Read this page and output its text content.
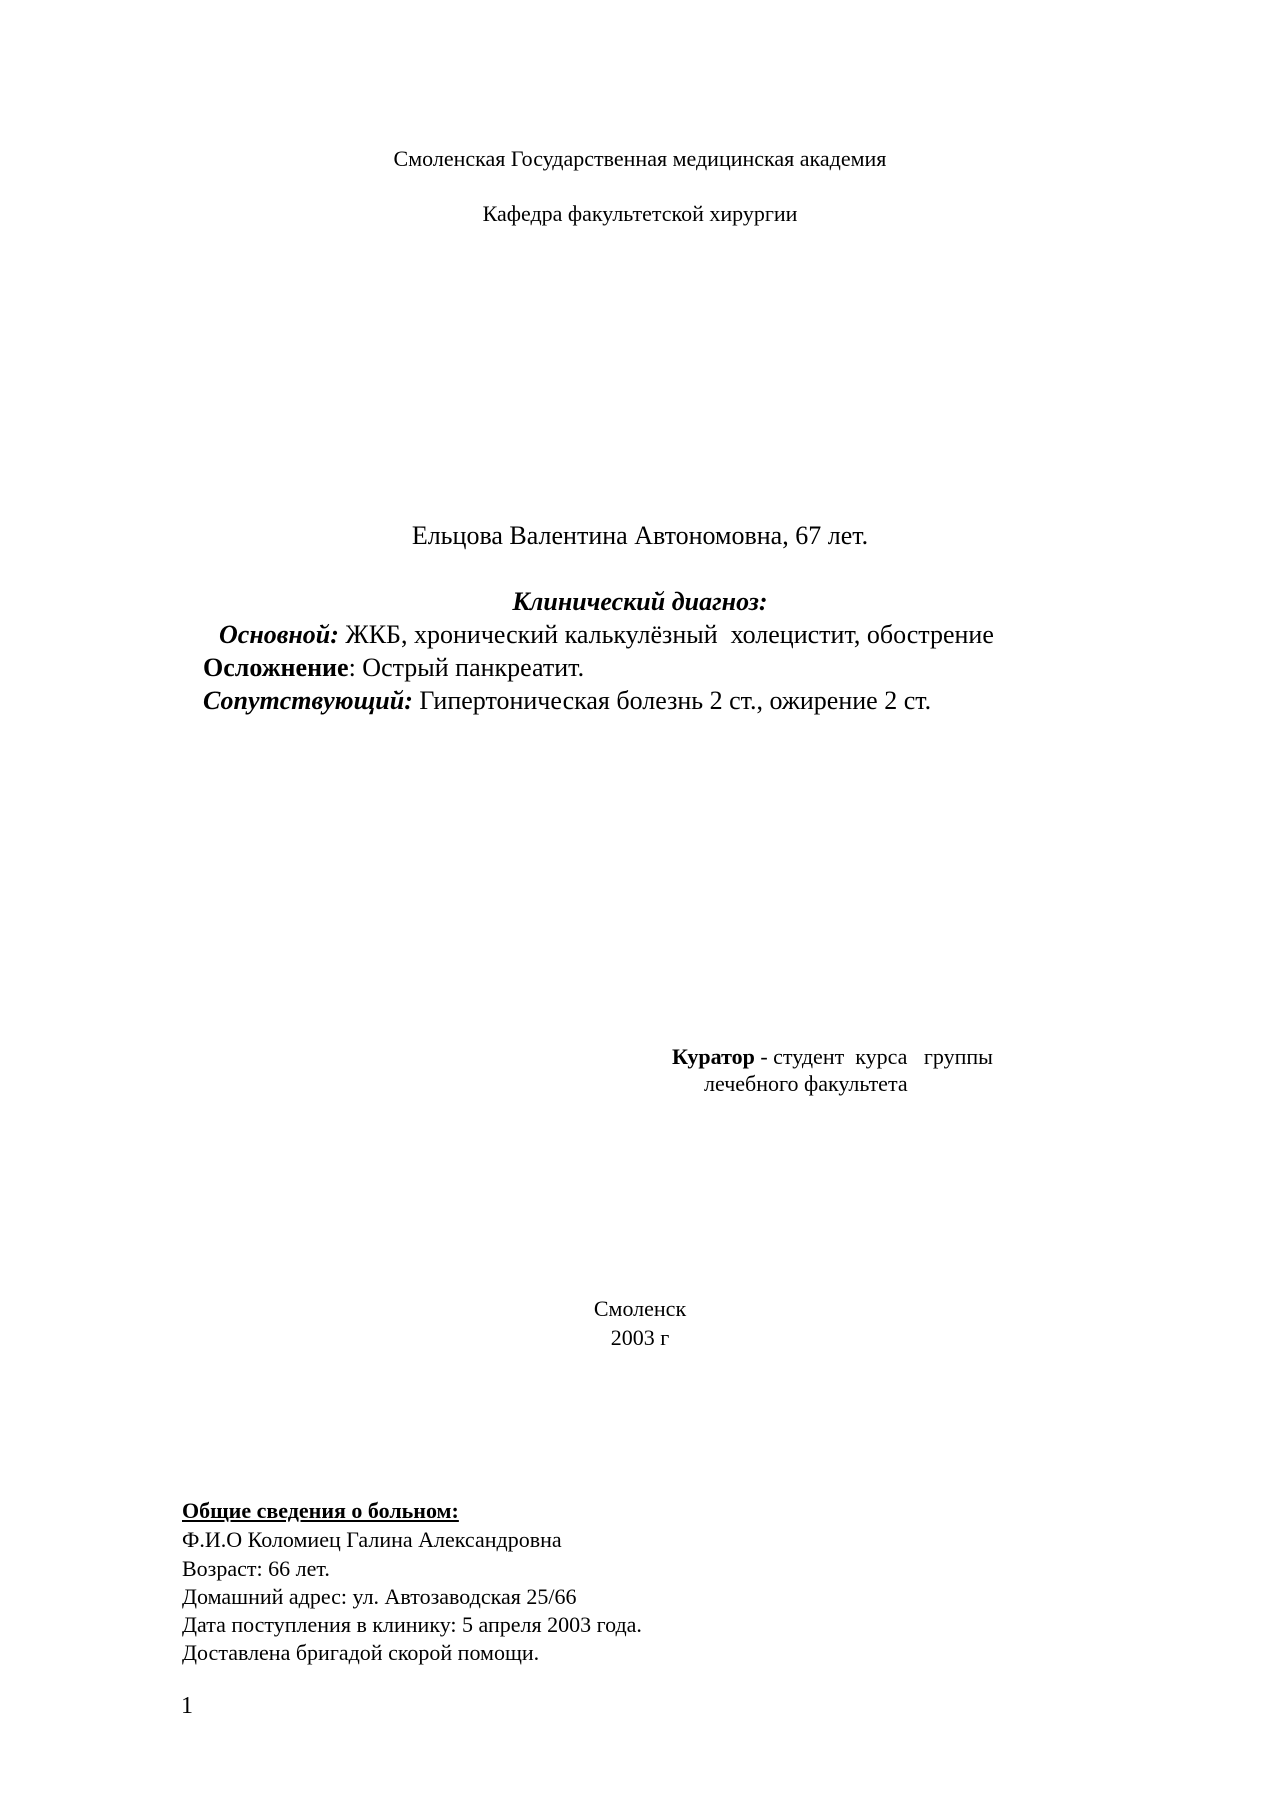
Смоленская Государственная медицинская академия

Кафедра факультетской хирургии

Ельцова Валентина Автономовна, 67 лет.

Клинический диагноз:

Основной: ЖКБ, хронический калькулёзный  холецистит, обострение

Осложнение: Острый панкреатит.

Сопутствующий: Гипертоническая болезнь 2 ст., ожирение 2 ст.

Куратор - студент  курса   группы

лечебного факультета

Смоленск

2003 г

Общие сведения о больном:

Ф.И.О Коломиец Галина Александровна

Возраст: 66 лет.

Домашний адрес: ул. Автозаводская 25/66

Дата поступления в клинику: 5 апреля 2003 года.

Доставлена бригадой скорой помощи.

1
